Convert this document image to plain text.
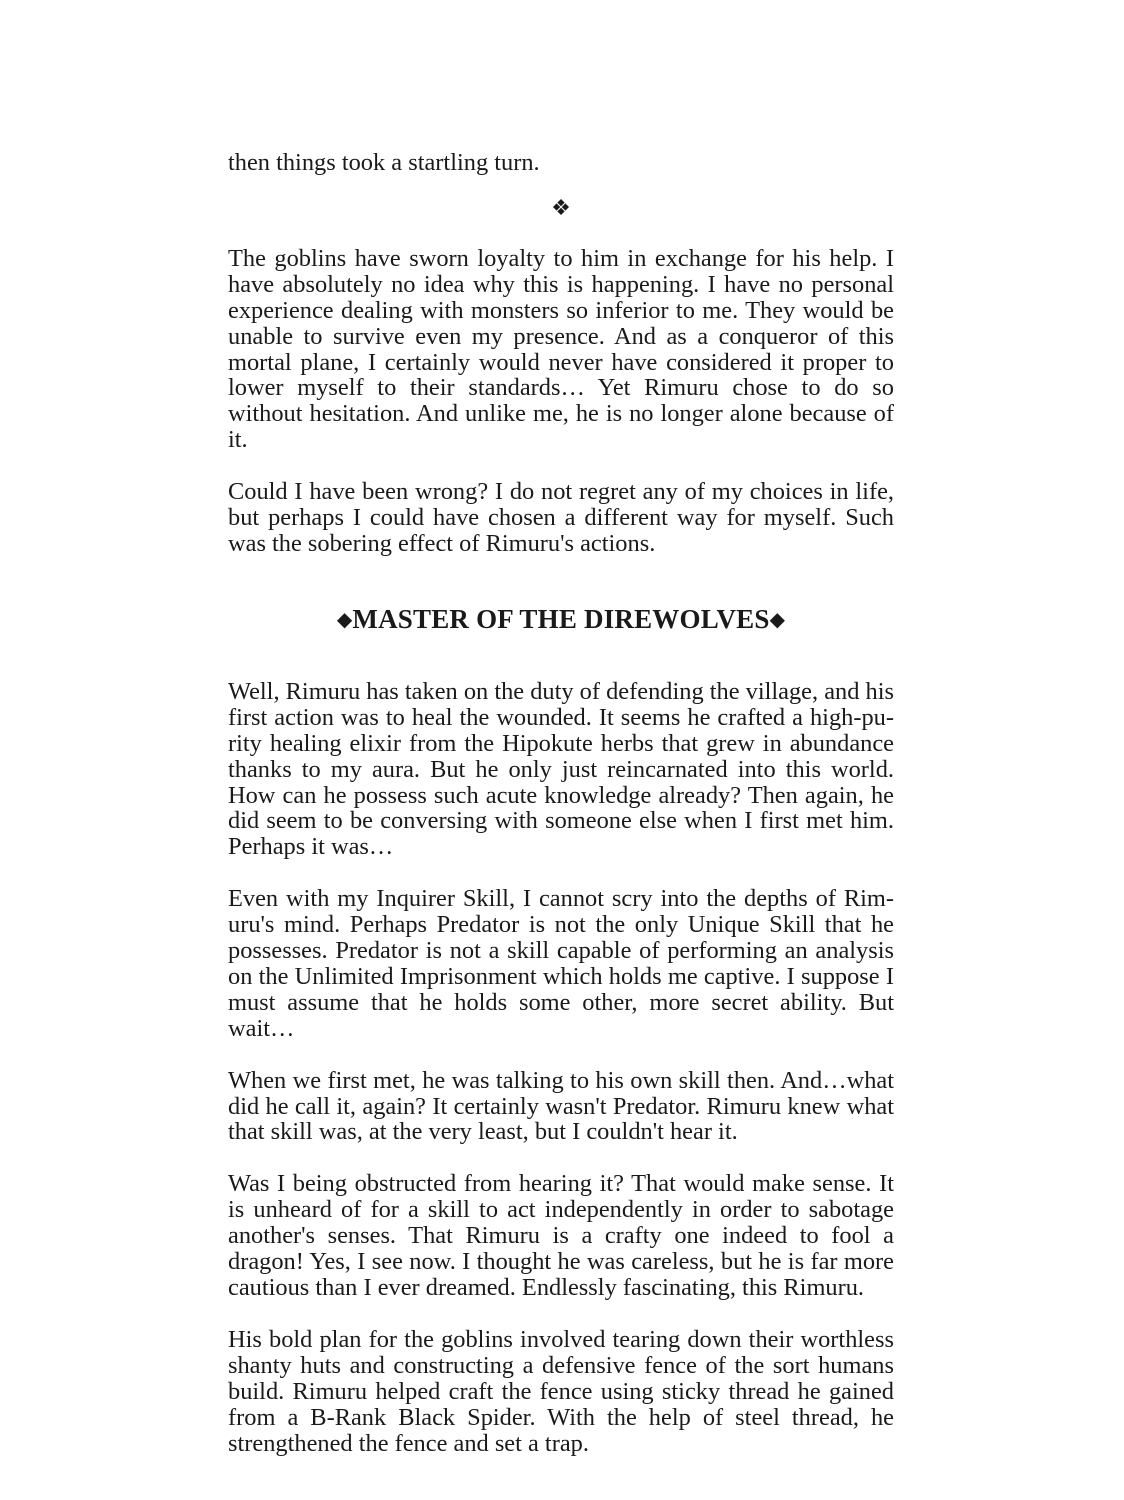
then things took a startling turn.

❖

The goblins have sworn loyalty to him in exchange for his help. I have absolutely no idea why this is happening. I have no personal experience dealing with monsters so inferior to me. They would be unable to survive even my presence. And as a conqueror of this mortal plane, I certainly would never have considered it proper to lower myself to their standards… Yet Rimuru chose to do so without hesitation. And unlike me, he is no longer alone because of it.

Could I have been wrong? I do not regret any of my choices in life, but perhaps I could have chosen a different way for myself. Such was the sobering effect of Rimuru's actions.

◆MASTER OF THE DIREWOLVES◆

Well, Rimuru has taken on the duty of defending the village, and his first action was to heal the wounded. It seems he crafted a high-purity healing elixir from the Hipokute herbs that grew in abundance thanks to my aura. But he only just reincarnated into this world. How can he possess such acute knowledge already? Then again, he did seem to be conversing with someone else when I first met him. Perhaps it was…

Even with my Inquirer Skill, I cannot scry into the depths of Rimuru's mind. Perhaps Predator is not the only Unique Skill that he possesses. Predator is not a skill capable of performing an analysis on the Unlimited Imprisonment which holds me captive. I suppose I must assume that he holds some other, more secret ability. But wait…

When we first met, he was talking to his own skill then. And…what did he call it, again? It certainly wasn't Predator. Rimuru knew what that skill was, at the very least, but I couldn't hear it.

Was I being obstructed from hearing it? That would make sense. It is unheard of for a skill to act independently in order to sabotage another's senses. That Rimuru is a crafty one indeed to fool a dragon! Yes, I see now. I thought he was careless, but he is far more cautious than I ever dreamed. Endlessly fascinating, this Rimuru.

His bold plan for the goblins involved tearing down their worthless shanty huts and constructing a defensive fence of the sort humans build. Rimuru helped craft the fence using sticky thread he gained from a B-Rank Black Spider. With the help of steel thread, he strengthened the fence and set a trap.
